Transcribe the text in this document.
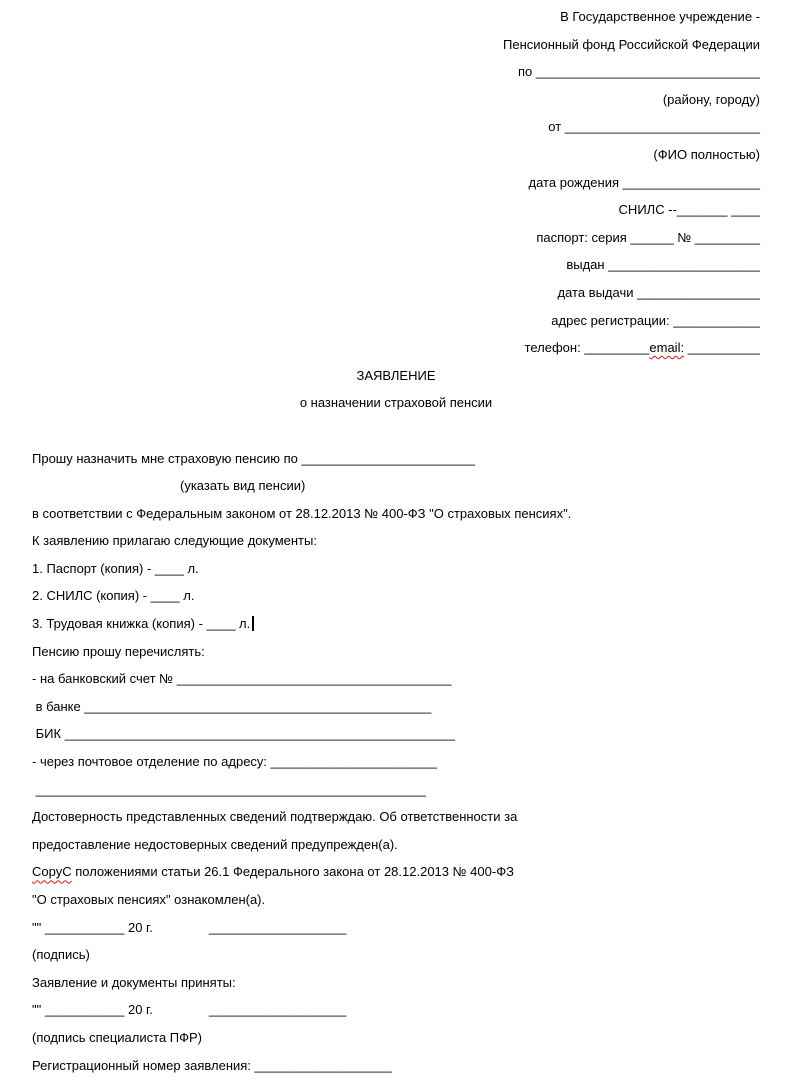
В Государственное учреждение -
Пенсионный фонд Российской Федерации
по _______________________________
(району, городу)
от ___________________________
(ФИО полностью)
дата рождения ___________________
СНИЛС --_______ ____
паспорт: серия ______ № _________
выдан _____________________
дата выдачи _________________
адрес регистрации: ____________
телефон: _________email: __________
ЗАЯВЛЕНИЕ
о назначении страховой пенсии
Прошу назначить мне страховую пенсию по ________________________
(указать вид пенсии)
в соответствии с Федеральным законом от 28.12.2013 № 400-ФЗ "О страховых пенсиях".
К заявлению прилагаю следующие документы:
1. Паспорт (копия) - ____ л.
2. СНИЛС (копия) - ____ л.
3. Трудовая книжка (копия) - ____ л.
Пенсию прошу перечислять:
- на банковский счет № ______________________________________
в банке ________________________________________________
БИК ______________________________________________________
- через почтовое отделение по адресу: _______________________
______________________________________________________
Достоверность представленных сведений подтверждаю. Об ответственности за
предоставление недостоверных сведений предупрежден(а).
СоруС положениями статьи 26.1 Федерального закона от 28.12.2013 № 400-ФЗ
"О страховых пенсиях" ознакомлен(а).
"" ___________ 20 г.	___________________
(подпись)
Заявление и документы приняты:
"" ___________ 20 г.	___________________
(подпись специалиста ПФР)
Регистрационный номер заявления: ___________________
